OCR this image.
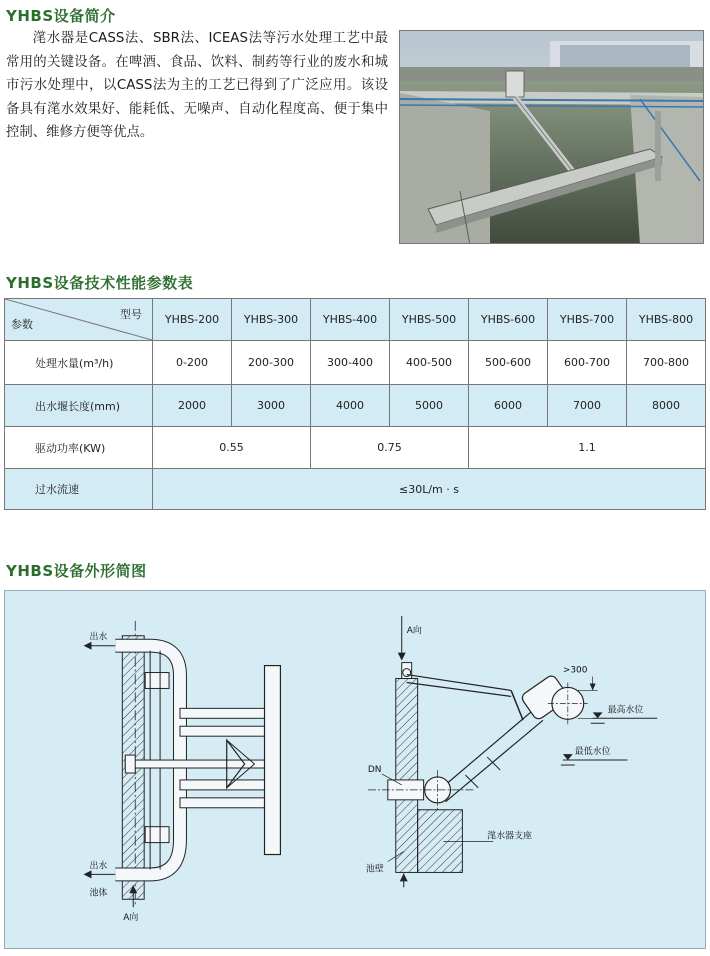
YHBS设备简介

滗水器是CASS法、SBR法、ICEAS法等污水处理工艺中最常用的关键设备。在啤酒、食品、饮料、制药等行业的废水和城市污水处理中，以CASS法为主的工艺已得到了广泛应用。该设备具有滗水效果好、能耗低、无噪声、自动化程度高、便于集中控制、维修方便等优点。

YHBS设备技术性能参数表
型号
参数	YHBS-200	YHBS-300	YHBS-400	YHBS-500	YHBS-600	YHBS-700	YHBS-800
处理水量(m³/h)	0-200	200-300	300-400	400-500	500-600	600-700	700-800
出水堰长度(mm)	2000	3000	4000	5000	6000	7000	8000
驱动功率(KW)	0.55		0.75		1.1		
过水流速	≤30L/m · s						
YHBS设备外形简图
出水
出水
池体
A向
A向
>300
最高水位
最低水位
DN
滗水器支座
池壁
